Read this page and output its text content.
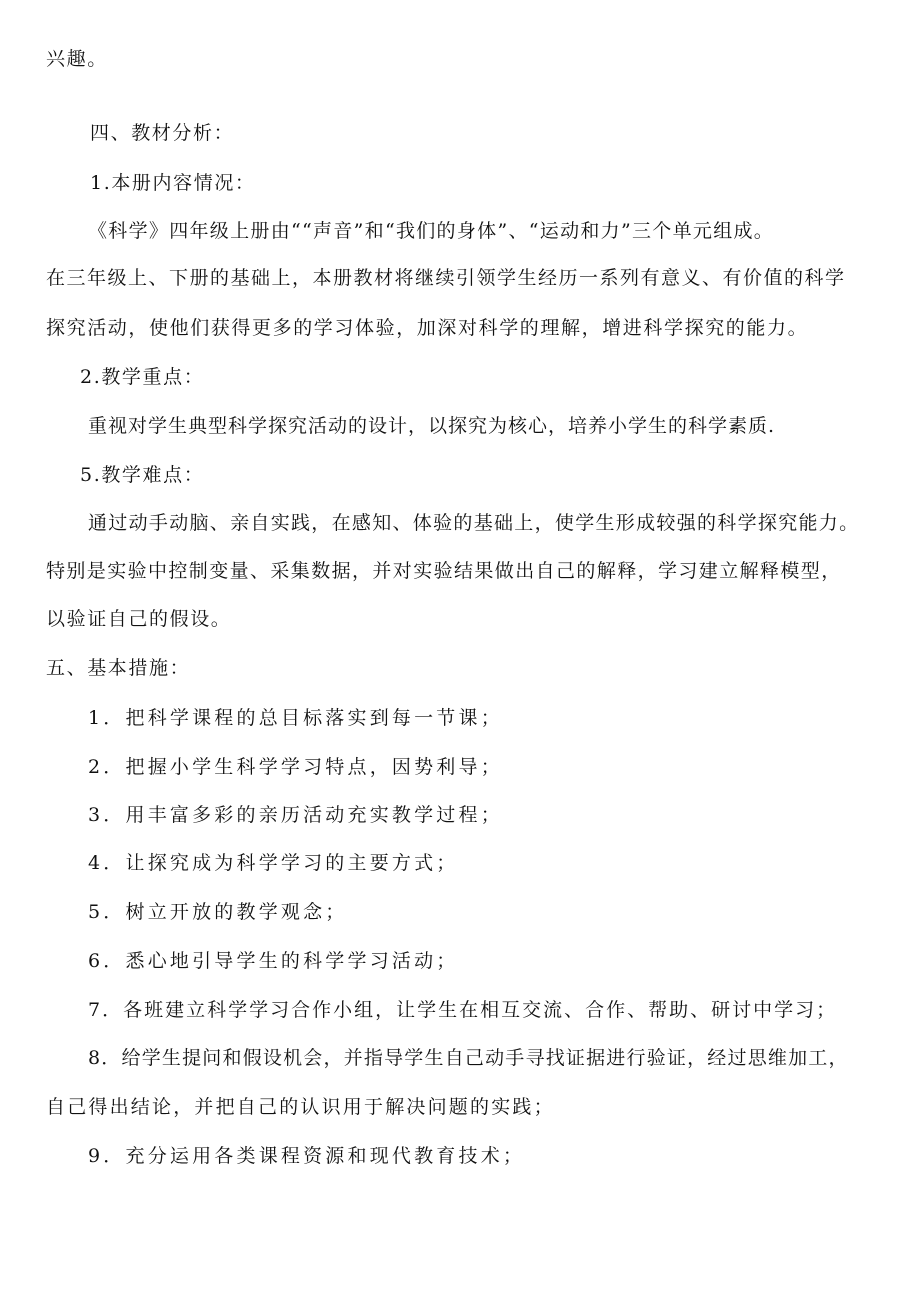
兴趣。
四、教材分析：
1.本册内容情况：
《科学》四年级上册由““声音”和“我们的身体”、“运动和力”三个单元组成。
在三年级上、下册的基础上，本册教材将继续引领学生经历一系列有意义、有价值的科学
探究活动，使他们获得更多的学习体验，加深对科学的理解，增进科学探究的能力。
2.教学重点：
重视对学生典型科学探究活动的设计，以探究为核心，培养小学生的科学素质.
5.教学难点：
通过动手动脑、亲自实践，在感知、体验的基础上，使学生形成较强的科学探究能力。
特别是实验中控制变量、采集数据，并对实验结果做出自己的解释，学习建立解释模型，
以验证自己的假设。
五、基本措施：
1．把科学课程的总目标落实到每一节课；
2．把握小学生科学学习特点，因势利导；
3．用丰富多彩的亲历活动充实教学过程；
4．让探究成为科学学习的主要方式；
5．树立开放的教学观念；
6．悉心地引导学生的科学学习活动；
7．各班建立科学学习合作小组，让学生在相互交流、合作、帮助、研讨中学习；
8．给学生提问和假设机会，并指导学生自己动手寻找证据进行验证，经过思维加工，
自己得出结论，并把自己的认识用于解决问题的实践；
9．充分运用各类课程资源和现代教育技术；
